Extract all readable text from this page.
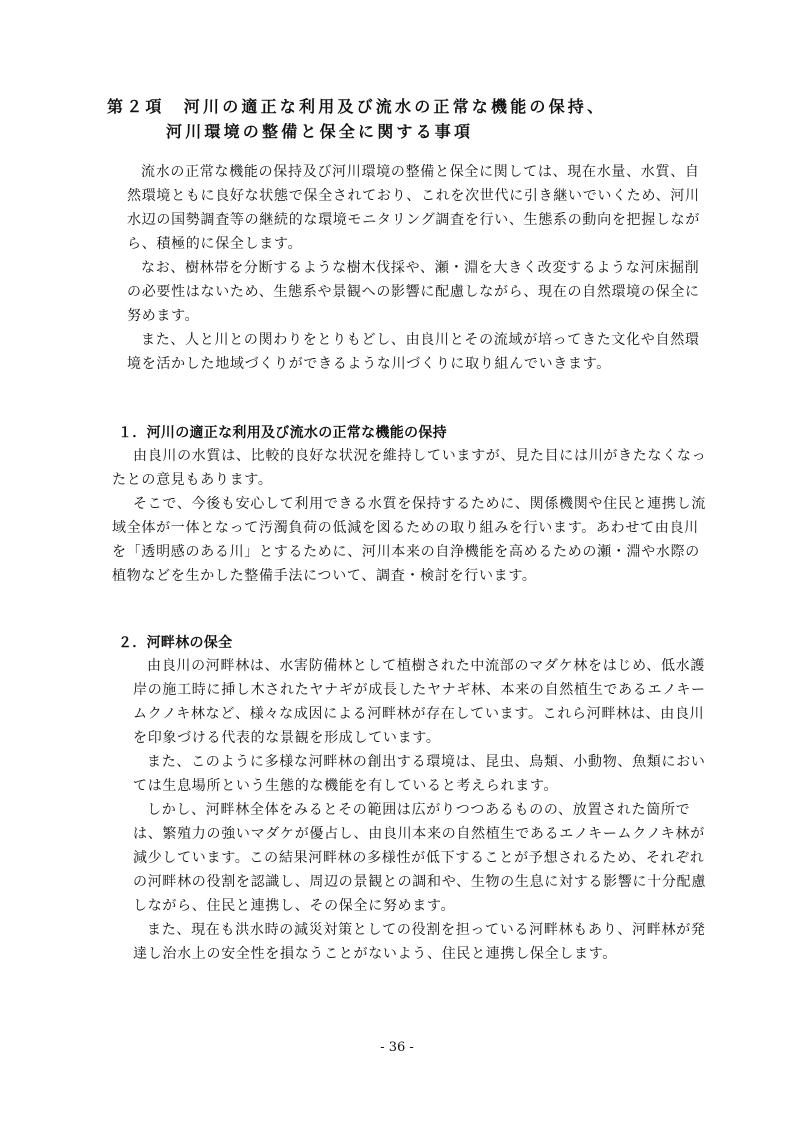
第２項　河川の適正な利用及び流水の正常な機能の保持、
河川環境の整備と保全に関する事項

流水の正常な機能の保持及び河川環境の整備と保全に関しては、現在水量、水質、自然環境ともに良好な状態で保全されており、これを次世代に引き継いでいくため、河川水辺の国勢調査等の継続的な環境モニタリング調査を行い、生態系の動向を把握しながら、積極的に保全します。

なお、樹林帯を分断するような樹木伐採や、瀬・淵を大きく改変するような河床掘削の必要性はないため、生態系や景観への影響に配慮しながら、現在の自然環境の保全に努めます。

また、人と川との関わりをとりもどし、由良川とその流域が培ってきた文化や自然環境を活かした地域づくりができるような川づくりに取り組んでいきます。

１．河川の適正な利用及び流水の正常な機能の保持

由良川の水質は、比較的良好な状況を維持していますが、見た目には川がきたなくなったとの意見もあります。

そこで、今後も安心して利用できる水質を保持するために、関係機関や住民と連携し流域全体が一体となって汚濁負荷の低減を図るための取り組みを行います。あわせて由良川を「透明感のある川」とするために、河川本来の自浄機能を高めるための瀬・淵や水際の植物などを生かした整備手法について、調査・検討を行います。

２．河畔林の保全

由良川の河畔林は、水害防備林として植樹された中流部のマダケ林をはじめ、低水護岸の施工時に挿し木されたヤナギが成長したヤナギ林、本来の自然植生であるエノキームクノキ林など、様々な成因による河畔林が存在しています。これら河畔林は、由良川を印象づける代表的な景観を形成しています。

また、このように多様な河畔林の創出する環境は、昆虫、鳥類、小動物、魚類においては生息場所という生態的な機能を有していると考えられます。

しかし、河畔林全体をみるとその範囲は広がりつつあるものの、放置された箇所では、繁殖力の強いマダケが優占し、由良川本来の自然植生であるエノキームクノキ林が減少しています。この結果河畔林の多様性が低下することが予想されるため、それぞれの河畔林の役割を認識し、周辺の景観との調和や、生物の生息に対する影響に十分配慮しながら、住民と連携し、その保全に努めます。

また、現在も洪水時の減災対策としての役割を担っている河畔林もあり、河畔林が発達し治水上の安全性を損なうことがないよう、住民と連携し保全します。

- 36 -
